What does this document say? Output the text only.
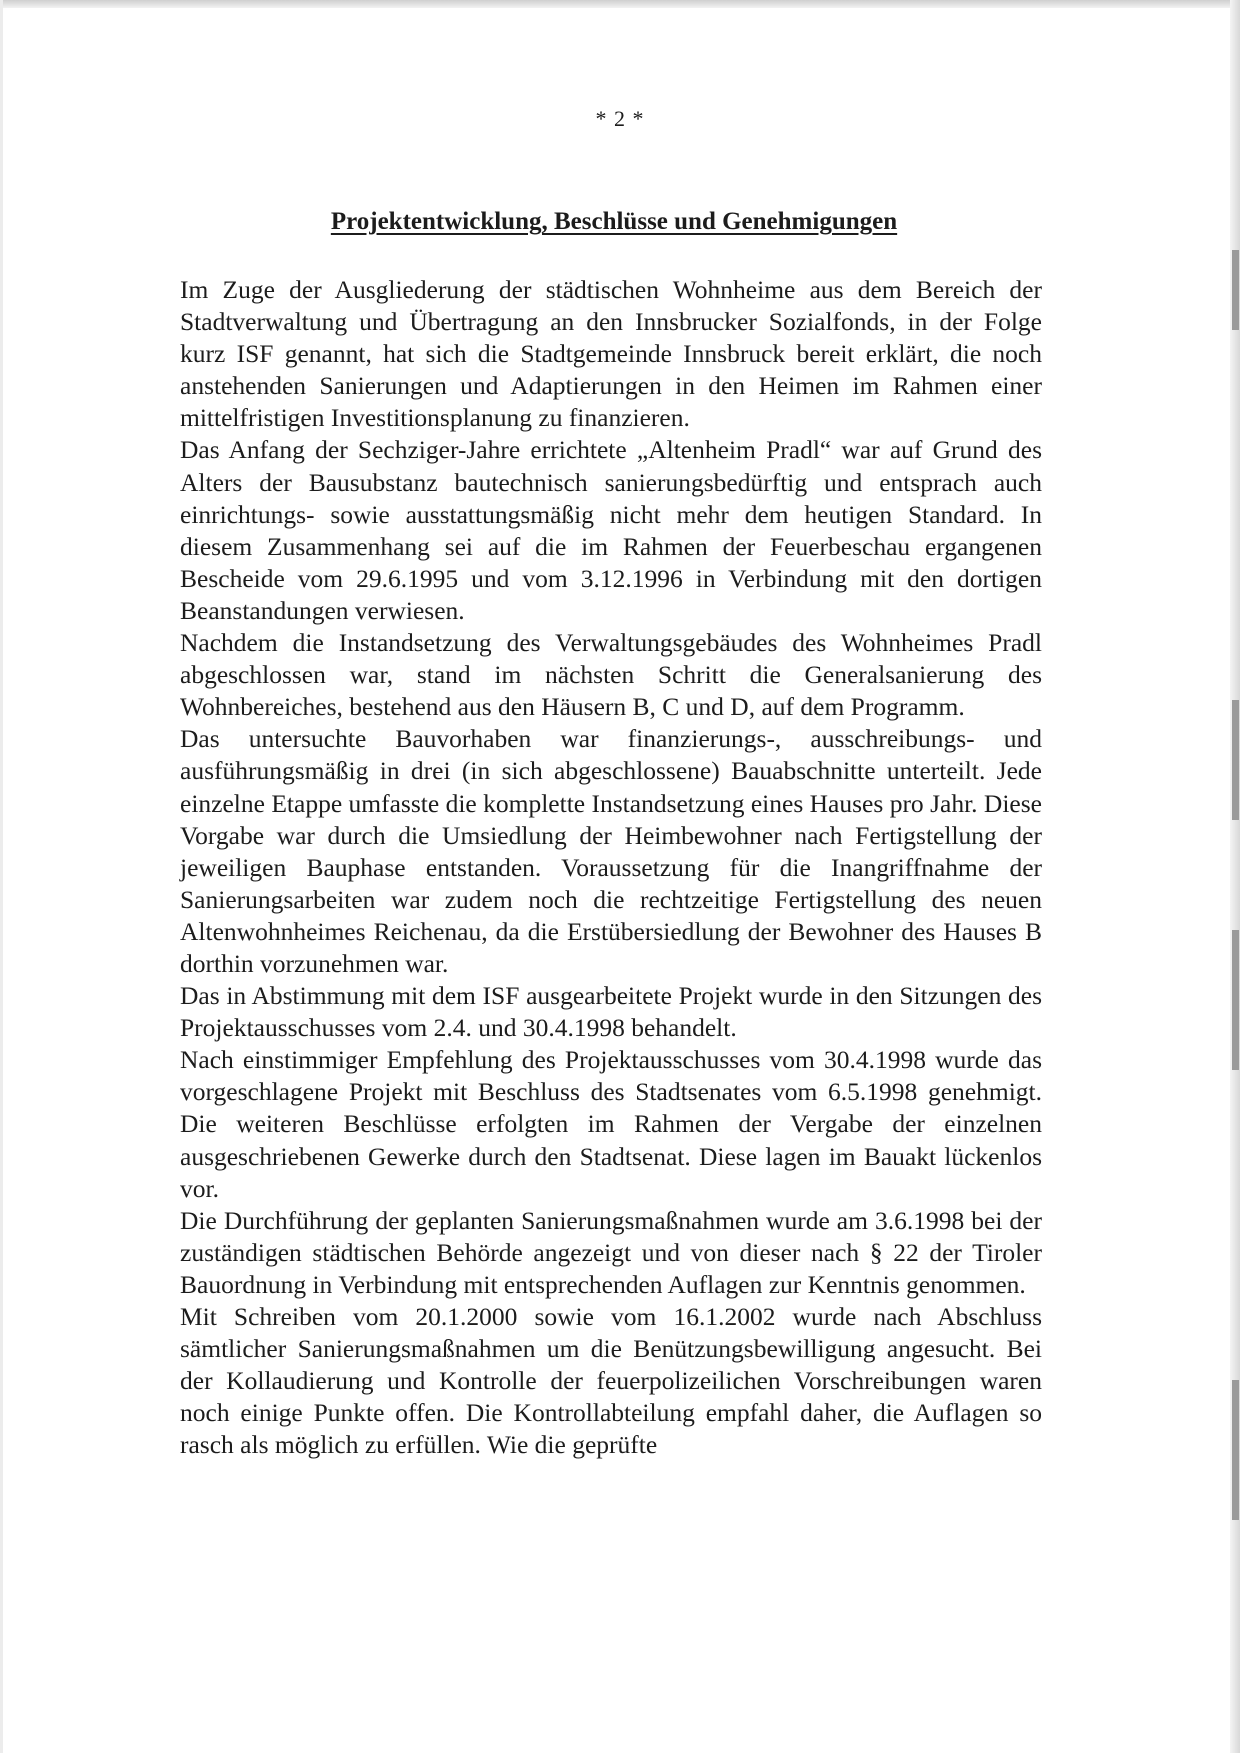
* 2 *
Projektentwicklung, Beschlüsse und Genehmigungen

Im Zuge der Ausgliederung der städtischen Wohnheime aus dem Bereich der Stadtverwaltung und Übertragung an den Innsbrucker Sozialfonds, in der Folge kurz ISF genannt, hat sich die Stadtgemeinde Innsbruck bereit erklärt, die noch anstehenden Sanierungen und Adaptierungen in den Heimen im Rahmen einer mittelfristigen Investitionsplanung zu finanzieren.

Das Anfang der Sechziger-Jahre errichtete „Altenheim Pradl“ war auf Grund des Alters der Bausubstanz bautechnisch sanierungsbedürftig und entsprach auch einrichtungs- sowie ausstattungsmäßig nicht mehr dem heutigen Standard. In diesem Zusammenhang sei auf die im Rahmen der Feuerbeschau ergangenen Bescheide vom 29.6.1995 und vom 3.12.1996 in Verbindung mit den dortigen Beanstandungen verwiesen.

Nachdem die Instandsetzung des Verwaltungsgebäudes des Wohnheimes Pradl abgeschlossen war, stand im nächsten Schritt die Generalsanierung des Wohnbereiches, bestehend aus den Häusern B, C und D, auf dem Programm.

Das untersuchte Bauvorhaben war finanzierungs-, ausschreibungs- und ausführungsmäßig in drei (in sich abgeschlossene) Bauabschnitte unterteilt. Jede einzelne Etappe umfasste die komplette Instandsetzung eines Hauses pro Jahr. Diese Vorgabe war durch die Umsiedlung der Heimbewohner nach Fertigstellung der jeweiligen Bauphase entstanden. Voraussetzung für die Inangriffnahme der Sanierungsarbeiten war zudem noch die rechtzeitige Fertigstellung des neuen Altenwohnheimes Reichenau, da die Erstübersiedlung der Bewohner des Hauses B dorthin vorzunehmen war.

Das in Abstimmung mit dem ISF ausgearbeitete Projekt wurde in den Sitzungen des Projektausschusses vom 2.4. und 30.4.1998 behandelt.

Nach einstimmiger Empfehlung des Projektausschusses vom 30.4.1998 wurde das vorgeschlagene Projekt mit Beschluss des Stadtsenates vom 6.5.1998 genehmigt. Die weiteren Beschlüsse erfolgten im Rahmen der Vergabe der einzelnen ausgeschriebenen Gewerke durch den Stadtsenat. Diese lagen im Bauakt lückenlos vor.

Die Durchführung der geplanten Sanierungsmaßnahmen wurde am 3.6.1998 bei der zuständigen städtischen Behörde angezeigt und von dieser nach § 22 der Tiroler Bauordnung in Verbindung mit entsprechenden Auflagen zur Kenntnis genommen.

Mit Schreiben vom 20.1.2000 sowie vom 16.1.2002 wurde nach Abschluss sämtlicher Sanierungsmaßnahmen um die Benützungsbewilligung angesucht. Bei der Kollaudierung und Kontrolle der feuerpolizeilichen Vorschreibungen waren noch einige Punkte offen. Die Kontrollabteilung empfahl daher, die Auflagen so rasch als möglich zu erfüllen. Wie die geprüfte
